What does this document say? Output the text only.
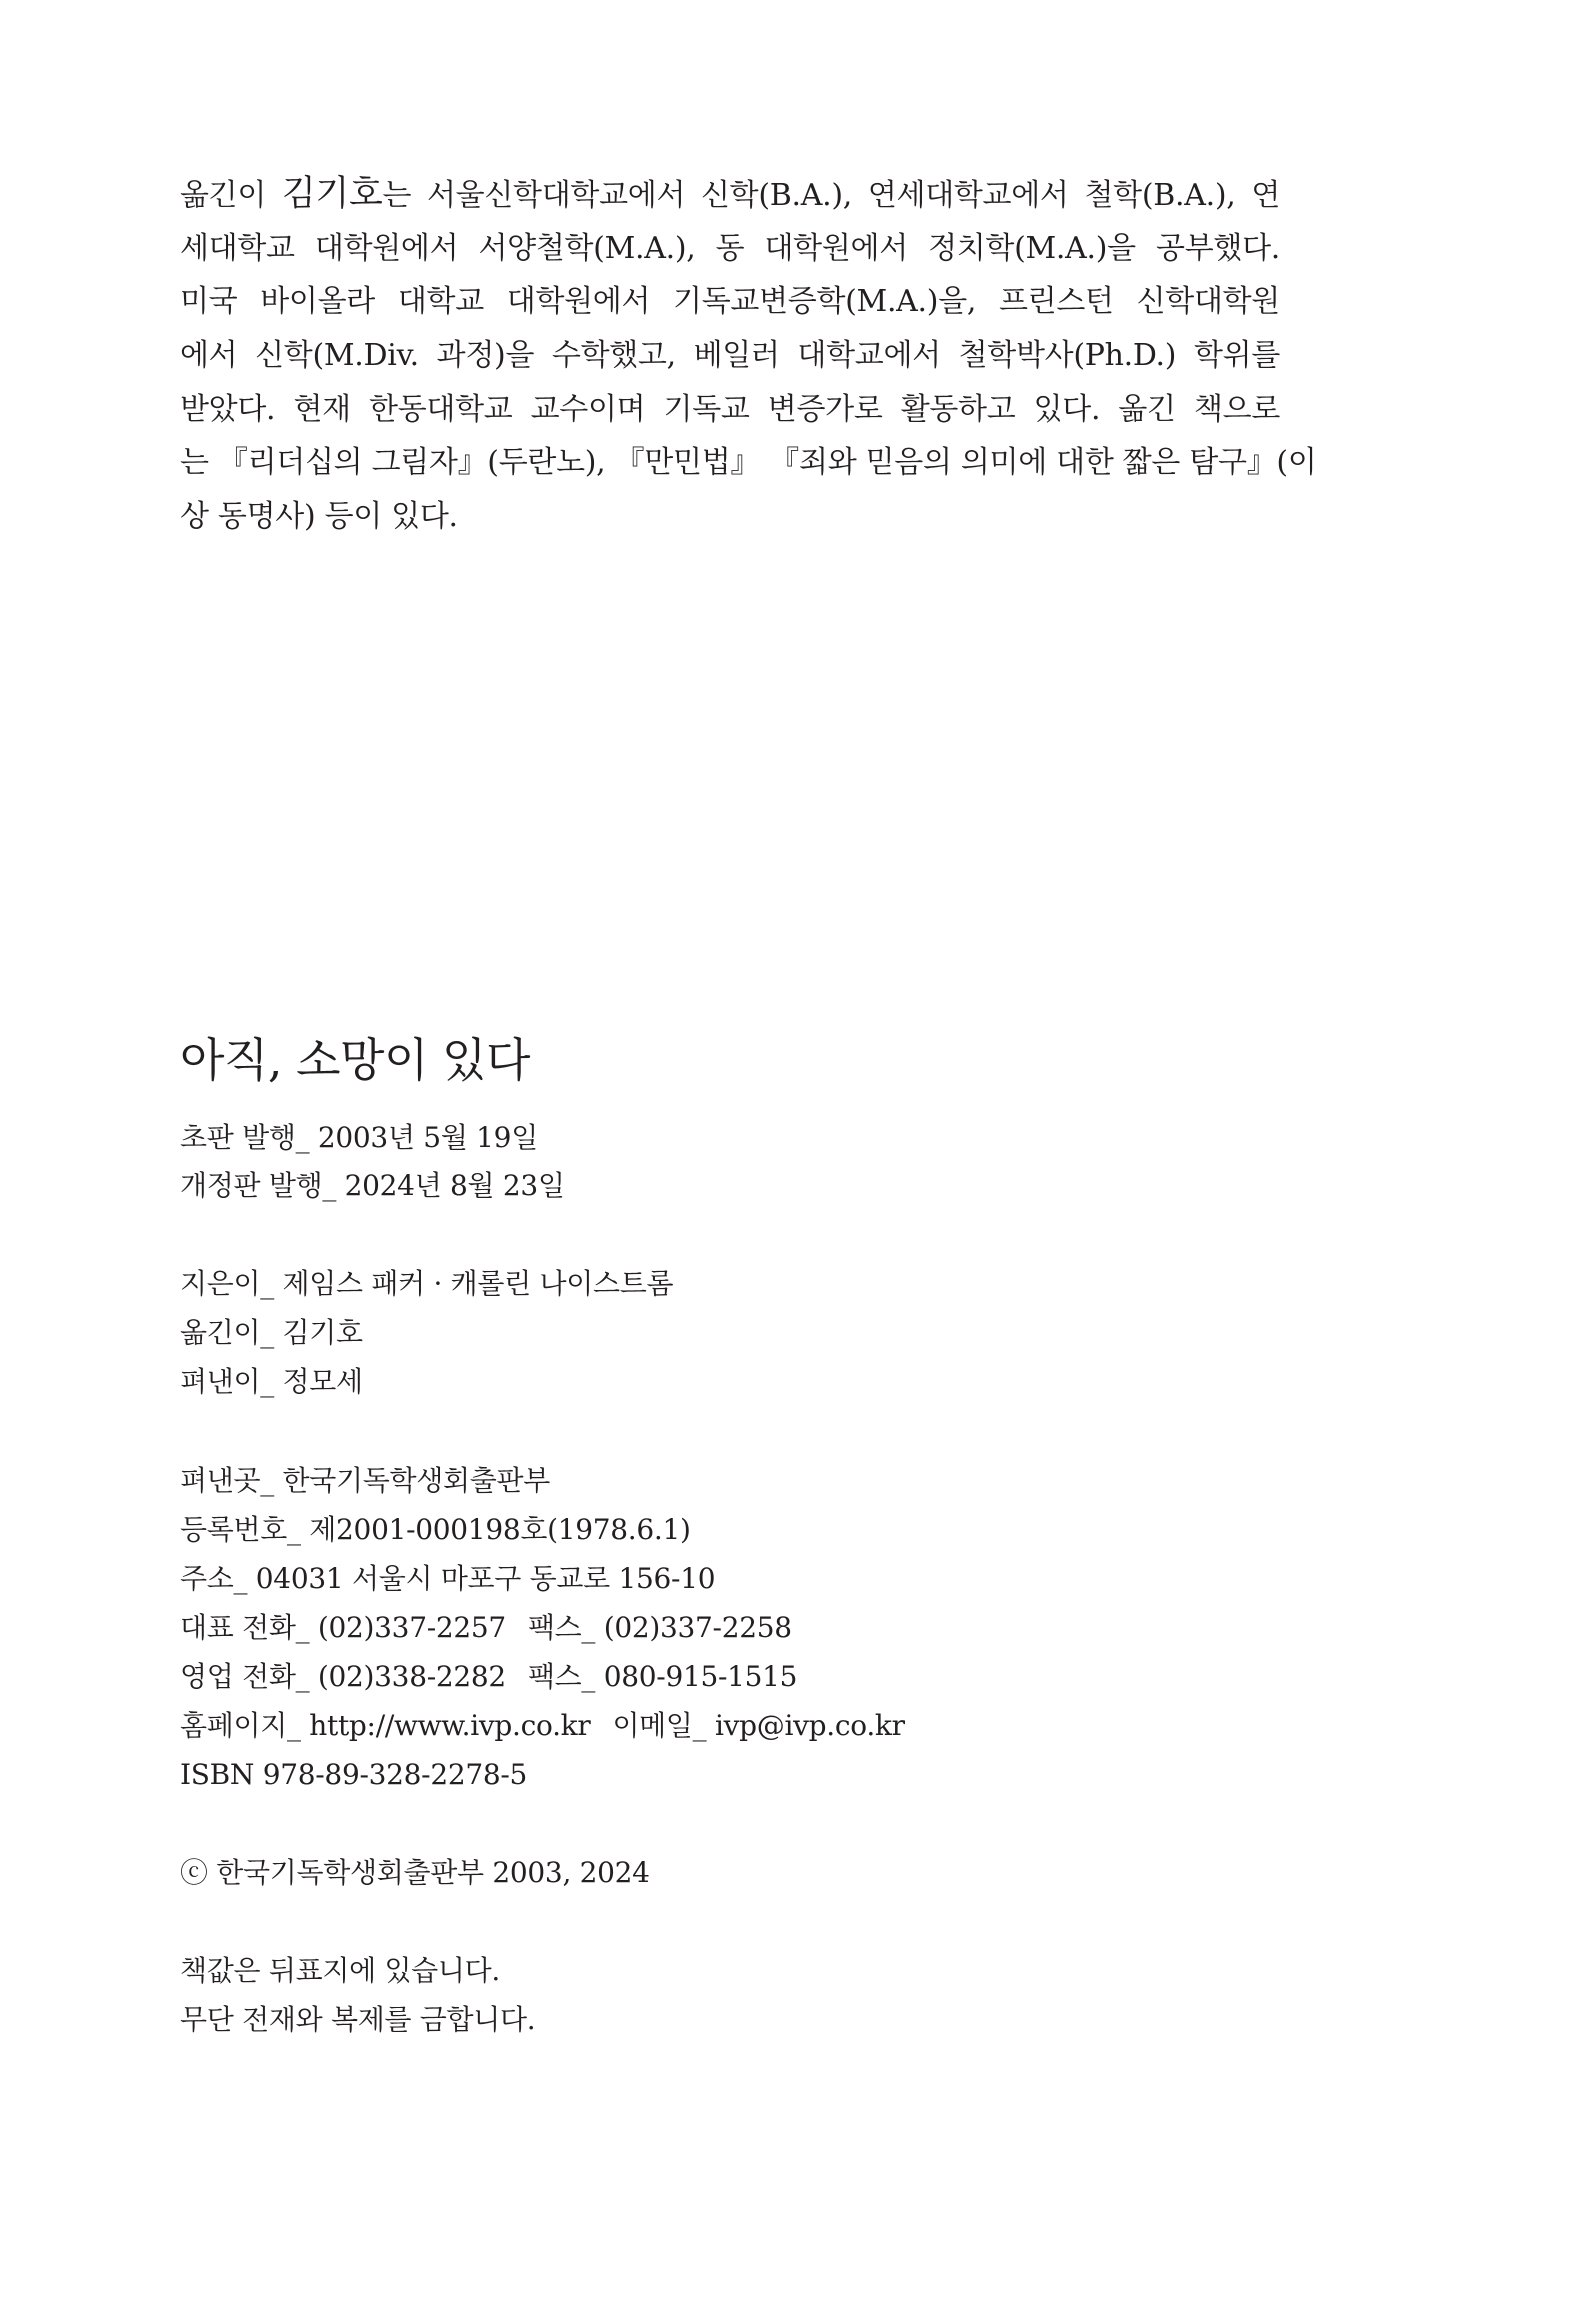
옮긴이 김기호는 서울신학대학교에서 신학(B.A.), 연세대학교에서 철학(B.A.), 연
세대학교 대학원에서 서양철학(M.A.), 동 대학원에서 정치학(M.A.)을 공부했다.
미국 바이올라 대학교 대학원에서 기독교변증학(M.A.)을, 프린스턴 신학대학원
에서 신학(M.Div. 과정)을 수학했고, 베일러 대학교에서 철학박사(Ph.D.) 학위를
받았다. 현재 한동대학교 교수이며 기독교 변증가로 활동하고 있다. 옮긴 책으로
는 『리더십의 그림자』(두란노), 『만민법』 『죄와 믿음의 의미에 대한 짧은 탐구』(이
상 동명사) 등이 있다.
아직, 소망이 있다
초판 발행_ 2003년 5월 19일
개정판 발행_ 2024년 8월 23일
지은이_ 제임스 패커 · 캐롤린 나이스트롬
옮긴이_ 김기호
펴낸이_ 정모세
펴낸곳_ 한국기독학생회출판부
등록번호_ 제2001-000198호(1978.6.1)
주소_ 04031 서울시 마포구 동교로 156-10
대표 전화_ (02)337-2257 팩스_ (02)337-2258
영업 전화_ (02)338-2282 팩스_ 080-915-1515
홈페이지_ http://www.ivp.co.kr 이메일_ ivp@ivp.co.kr
ISBN 978-89-328-2278-5
ⓒ 한국기독학생회출판부 2003, 2024
책값은 뒤표지에 있습니다.
무단 전재와 복제를 금합니다.
